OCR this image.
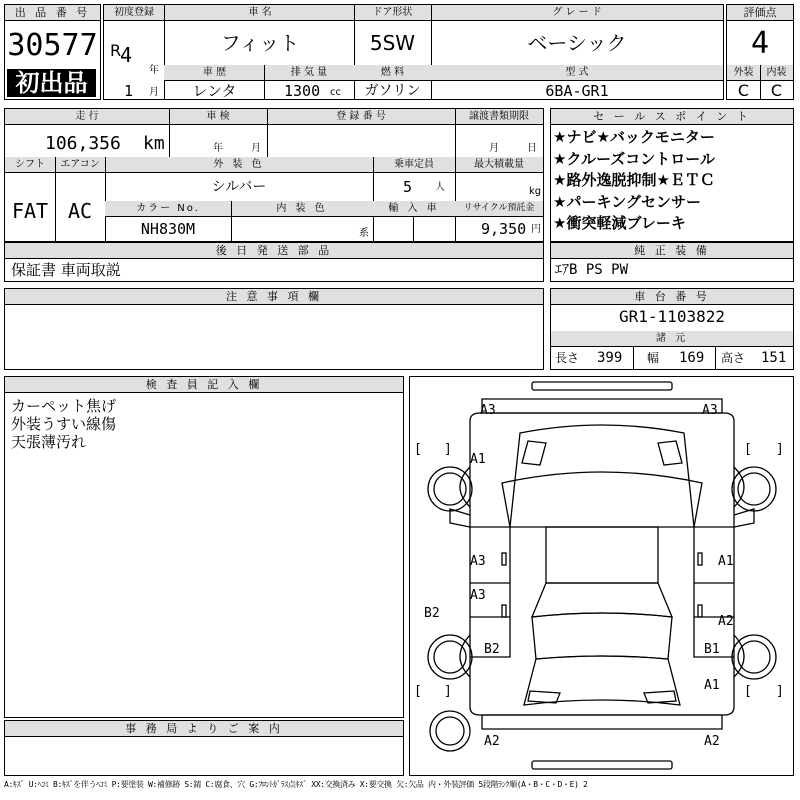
出 品 番 号
30577
初出品
初度登録	車 名	ドア形状	グ レ ー ド
車 歴	排 気 量	燃 料	型 式
R
4
年
1 月
フィット	5SW	ベーシック
レンタ	1300 cc	ガソリン	6BA-GR1
評価点
4
外装	内装
C	C
走 行	車 検	登 録 番 号	譲渡書類期限
106,356 km	年	月	月	日
シフト	エアコン	外 装 色	乗車定員	最大積載量
FAT AC
シルバー	5 人	kg
カラー No.	内 装 色	輸 入 車	リサイクル預託金
NH830M	系	9,350 円
後 日 発 送 部 品
保証書 車両取説
注 意 事 項 欄
セ ー ル ス ポ イ ン ト
★ナビ★バックモニター
★クルーズコントロール
★路外逸脱抑制★ＥＴＣ
★パーキングセンサー
★衝突軽減ブレーキ
純 正 装 備
ｴｱB PS PW
車 台 番 号
GR1-1103822
諸 元
長さ 399 幅 169 高さ 151
検 査 員 記 入 欄
カーペット焦げ
外装うすい線傷
天張薄汚れ
事 務 局 よ り ご 案 内
A3	A3
A1
A3	A1
A3
A2
B2
B2	B1
A1
A2	A2
[ ]	[ ]
[ ]	[ ]
A:ｷｽﾞ U:ﾍｺﾐ B:ｷｽﾞを伴うﾍｺﾐ P:要塗装 W:補修跡 S:錆 C:腐食、穴 G:ﾌﾛﾝﾄｶﾞﾗｽ点ｷｽﾞ XX:交換済み X:要交換 欠:欠品 内・外装評価 5段階ﾗﾝｸ順(A・B・C・D・E) 2
